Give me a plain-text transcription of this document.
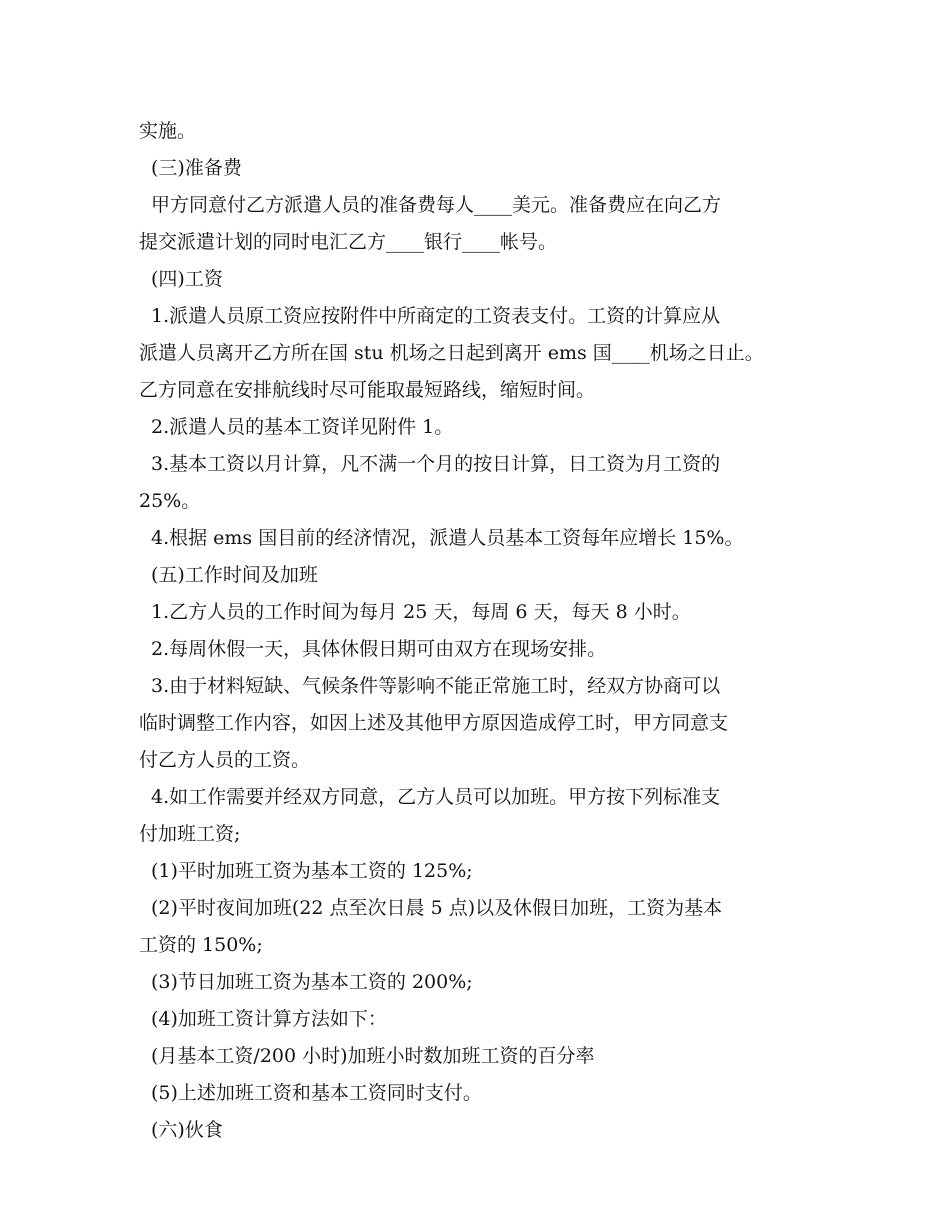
实施。

(三)准备费

甲方同意付乙方派遣人员的准备费每人____美元。准备费应在向乙方

提交派遣计划的同时电汇乙方____银行____帐号。

(四)工资

1.派遣人员原工资应按附件中所商定的工资表支付。工资的计算应从

派遣人员离开乙方所在国 stu 机场之日起到离开 ems 国____机场之日止。

乙方同意在安排航线时尽可能取最短路线，缩短时间。

2.派遣人员的基本工资详见附件 1。

3.基本工资以月计算，凡不满一个月的按日计算，日工资为月工资的

25%。

4.根据 ems 国目前的经济情况，派遣人员基本工资每年应增长 15%。

(五)工作时间及加班

1.乙方人员的工作时间为每月 25 天，每周 6 天，每天 8 小时。

2.每周休假一天，具体休假日期可由双方在现场安排。

3.由于材料短缺、气候条件等影响不能正常施工时，经双方协商可以

临时调整工作内容，如因上述及其他甲方原因造成停工时，甲方同意支

付乙方人员的工资。

4.如工作需要并经双方同意，乙方人员可以加班。甲方按下列标准支

付加班工资;

(1)平时加班工资为基本工资的 125%;

(2)平时夜间加班(22 点至次日晨 5 点)以及休假日加班，工资为基本

工资的 150%;

(3)节日加班工资为基本工资的 200%;

(4)加班工资计算方法如下：

(月基本工资/200 小时)加班小时数加班工资的百分率

(5)上述加班工资和基本工资同时支付。

(六)伙食
